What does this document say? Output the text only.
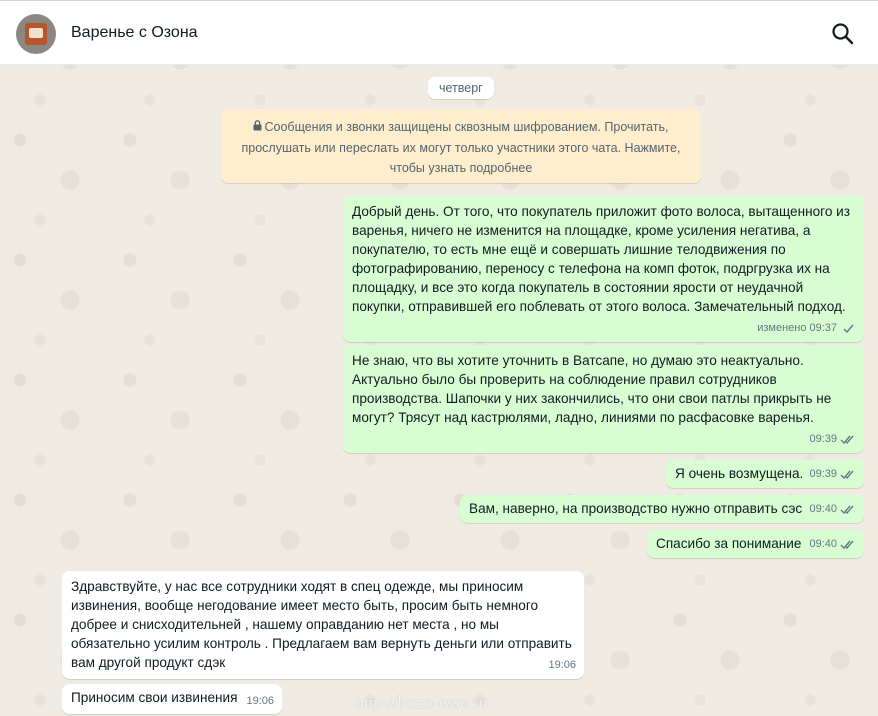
Варенье с Озона
четверг
Сообщения и звонки защищены сквозным шифрованием. Прочитать, прослушать или переслать их могут только участники этого чата. Нажмите, чтобы узнать подробнее
Добрый день. От того, что покупатель приложит фото волоса, вытащенного из варенья, ничего не изменится на площадке, кроме усиления негатива, а покупателю, то есть мне ещё и совершать лишние телодвижения по фотографированию, переносу с телефона на комп фоток, подргрузка их на площадку, и все это когда покупатель в состоянии ярости от неудачной покупки, отправившей его поблевать от этого волоса. Замечательный подход.
изменено 09:37
Не знаю, что вы хотите уточнить в Ватсапе, но думаю это неактуально. Актуально было бы проверить на соблюдение правил сотрудников производства. Шапочки у них закончились, что они свои патлы прикрыть не могут? Трясут над кастрюлями, ладно, линиями по расфасовке варенья.
09:39
Я очень возмущена. 09:39
Вам, наверно, на производство нужно отправить сэс 09:40
Спасибо за понимание 09:40
Здравствуйте, у нас все сотрудники ходят в спец одежде, мы приносим извинения, вообще негодование имеет место быть, просим быть немного добрее и снисходительней , нашему оправданию нет места , но мы обязательно усилим контроль . Предлагаем вам вернуть деньги или отправить вам другой продукт сдэк	19:06
Приносим свои извинения 19:06	http://bono-esse.ru
